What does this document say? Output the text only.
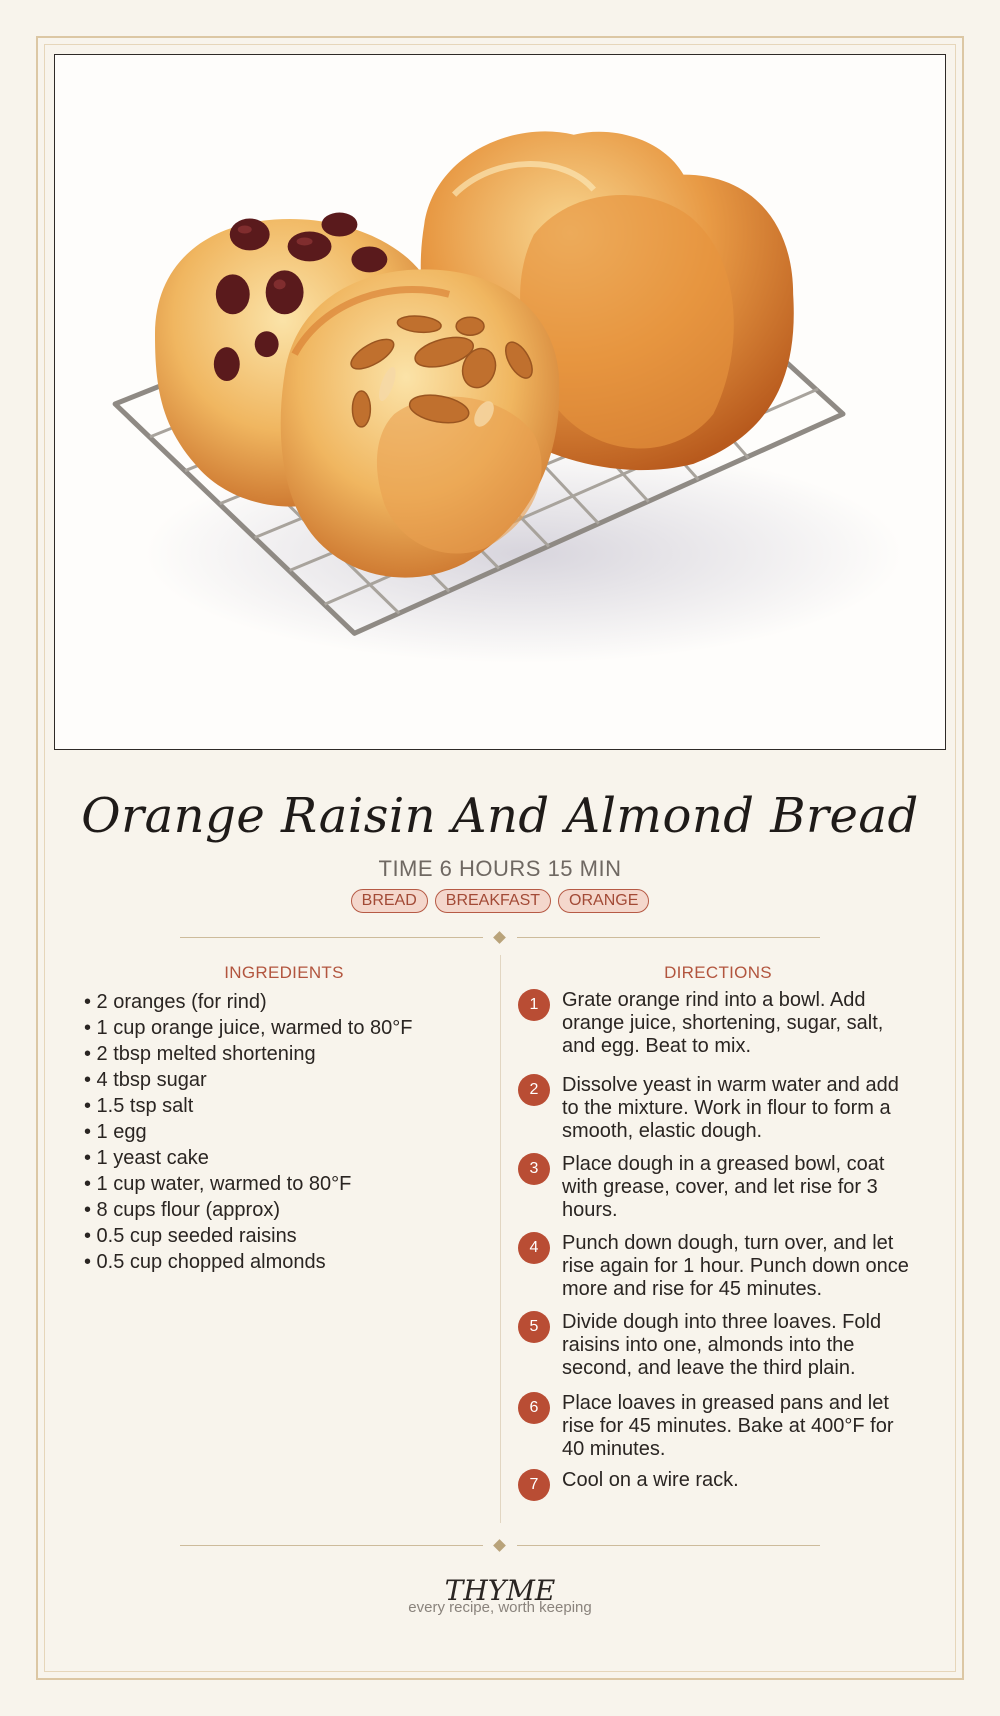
Orange Raisin And Almond Bread
TIME 6 HOURS 15 MIN
BREAD	BREAKFAST	ORANGE
INGREDIENTS	DIRECTIONS
• 2 oranges (for rind)
• 1 cup orange juice, warmed to 80°F
• 2 tbsp melted shortening
• 4 tbsp sugar
• 1.5 tsp salt
• 1 egg
• 1 yeast cake
• 1 cup water, warmed to 80°F
• 8 cups flour (approx)
• 0.5 cup seeded raisins
• 0.5 cup chopped almonds
1	Grate orange rind into a bowl. Add orange juice, shortening, sugar, salt, and egg. Beat to mix.
2	Dissolve yeast in warm water and add to the mixture. Work in flour to form a smooth, elastic dough.
3	Place dough in a greased bowl, coat with grease, cover, and let rise for 3 hours.
4	Punch down dough, turn over, and let rise again for 1 hour. Punch down once more and rise for 45 minutes.
5	Divide dough into three loaves. Fold raisins into one, almonds into the second, and leave the third plain.
6	Place loaves in greased pans and let rise for 45 minutes. Bake at 400°F for 40 minutes.
7	Cool on a wire rack.
THYME
every recipe, worth keeping
